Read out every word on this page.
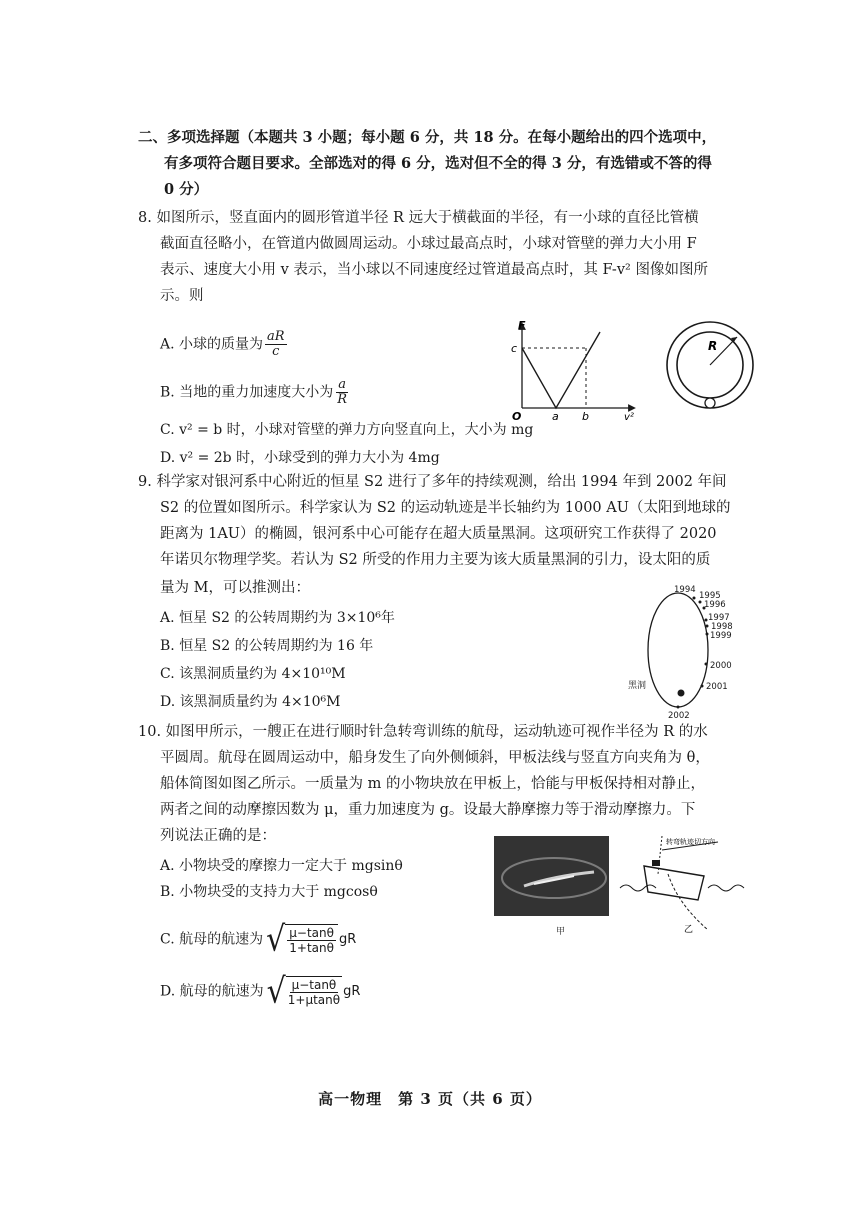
二、多项选择题（本题共 3 小题；每小题 6 分，共 18 分。在每小题给出的四个选项中，
有多项符合题目要求。全部选对的得 6 分，选对但不全的得 3 分，有选错或不答的得
0 分）
8. 如图所示，竖直面内的圆形管道半径 R 远大于横截面的半径，有一小球的直径比管横
截面直径略小，在管道内做圆周运动。小球过最高点时，小球对管壁的弹力大小用 F
表示、速度大小用 v 表示，当小球以不同速度经过管道最高点时，其 F-v² 图像如图所
示。则
A. 小球的质量为 $\frac{aR}{c}$
B. 当地的重力加速度大小为 $\frac{a}{R}$
C. v² = b 时，小球对管壁的弹力方向竖直向上，大小为 mg
D. v² = 2b 时，小球受到的弹力大小为 4mg
F
c
O	a b	v²
R
9. 科学家对银河系中心附近的恒星 S2 进行了多年的持续观测，给出 1994 年到 2002 年间
S2 的位置如图所示。科学家认为 S2 的运动轨迹是半长轴约为 1000 AU（太阳到地球的
距离为 1AU）的椭圆，银河系中心可能存在超大质量黑洞。这项研究工作获得了 2020
年诺贝尔物理学奖。若认为 S2 所受的作用力主要为该大质量黑洞的引力，设太阳的质
量为 M，可以推测出：
A. 恒星 S2 的公转周期约为 3×10⁶年
B. 恒星 S2 的公转周期约为 16 年
C. 该黑洞质量约为 4×10¹⁰M
D. 该黑洞质量约为 4×10⁶M
1994
1995
1996
1997
1998
1999
2000
2001
2002
黑洞
10. 如图甲所示，一艘正在进行顺时针急转弯训练的航母，运动轨迹可视作半径为 R 的水
平圆周。航母在圆周运动中，船身发生了向外侧倾斜，甲板法线与竖直方向夹角为 θ，
船体简图如图乙所示。一质量为 m 的小物块放在甲板上，恰能与甲板保持相对静止，
两者之间的动摩擦因数为 μ，重力加速度为 g。设最大静摩擦力等于滑动摩擦力。下
列说法正确的是：
A. 小物块受的摩擦力一定大于 mgsinθ
B. 小物块受的支持力大于 mgcosθ
C. 航母的航速为 √ $\frac{\mu-\tan\theta}{1+\tan\theta}$ gR
D. 航母的航速为 √ $\frac{\mu-\tan\theta}{1+\mu\tan\theta}$ gR
甲
转弯轨迹切方向
乙
高一物理　第 3 页（共 6 页）
